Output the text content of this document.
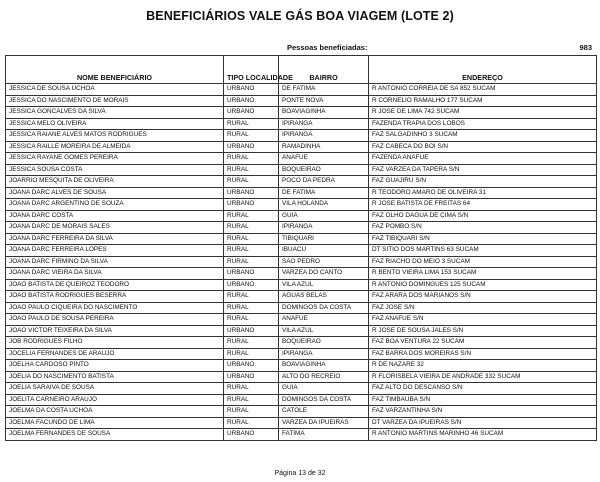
BENEFICIÁRIOS VALE GÁS BOA VIAGEM (LOTE 2)
Pessoas beneficiadas:	983
NOME BENEFICIÁRIO	TIPO LOCALIDADE	BAIRRO	ENDEREÇO
JESSICA DE SOUSA UCHOA	URBANO	DE FATIMA	R ANTONIO CORREIA DE SA 852 SUCAM
JESSICA DO NASCIMENTO DE MORAIS	URBANO	PONTE NOVA	R CORNELIO RAMALHO 177 SUCAM
JESSICA GONCALVES DA SILVA	URBANO	BOAVIAGINHA	R JOSE DE LIMA 742 SUCAM
JESSICA MELO OLIVEIRA	RURAL	IPIRANGA	FAZENDA TRAPIA DOS LOBOS
JESSICA RAIANE ALVES MATOS RODRIGUES	RURAL	IPIRANGA	FAZ SALGADINHO 3 SUCAM
JESSICA RAILLE MOREIRA DE ALMEIDA	URBANO	RAMADINHA	FAZ CABECA DO BOI S/N
JESSICA RAYANE GOMES PEREIRA	RURAL	ANAFUE	FAZENDA ANAFUE
JESSICA SOUSA COSTA	RURAL	BOQUEIRAO	FAZ VARZEA DA TAPERA S/N
JOARRIO MESQUITA DE OLIVEIRA	RURAL	POCO DA PEDRA	FAZ GUAJIRU S/N
JOANA DARC ALVES DE SOUSA	URBANO	DE FATIMA	R TEODORO AMARO DE OLIVEIRA 31
JOANA DARC ARGENTINO DE SOUZA	URBANO	VILA HOLANDA	R JOSE BATISTA DE FREITAS 64
JOANA DARC COSTA	RURAL	GUIA	FAZ OLHO DAGUA DE CIMA S/N
JOANA DARC DE MORAIS SALES	RURAL	IPIRANGA	FAZ POMBO S/N
JOANA DARC FERREIRA DA SILVA	RURAL	TIBIQUARI	FAZ TIBIQUARI S/N
JOANA DARC FERREIRA LOPES	RURAL	IBUACU	DT SITIO DOS MARTINS 63 SUCAM
JOANA DARC FIRMINO DA SILVA	RURAL	SAO PEDRO	FAZ RIACHO DO MEIO 3 SUCAM
JOANA DARC VIEIRA DA SILVA	URBANO	VARZEA DO CANTO	R BENTO VIEIRA LIMA 153 SUCAM
JOAO BATISTA DE QUEIROZ TEODORO	URBANO	VILA AZUL	R ANTONIO DOMINGUES 125 SUCAM
JOAO BATISTA RODRIGUES BESERRA	RURAL	AGUAS BELAS	FAZ ARARA DOS MARIANOS S/N
JOAO PAULO CIQUEIRA DO NASCIMENTO	RURAL	DOMINGOS DA COSTA	FAZ JOSE S/N
JOAO PAULO DE SOUSA PEREIRA	RURAL	ANAFUE	FAZ ANAFUE S/N
JOAO VICTOR TEIXEIRA DA SILVA	URBANO	VILA AZUL	R JOSE DE SOUSA JALES S/N
JOB RODRIGUES FILHO	RURAL	BOQUEIRAO	FAZ BOA VENTURA 22 SUCAM
JOCELIA FERNANDES DE ARAUJO	RURAL	IPIRANGA	FAZ BARRA DOS MOREIRAS S/N
JOELHA CARDOSO PINTO	URBANO	BOAVIAGINHA	R DE NAZARE 32
JOELIA DO NASCIMENTO BATISTA	URBANO	ALTO DO RECREIO	R FLORISBELA VIEIRA DE ANDRADE 332 SUCAM
JOELIA SARAIVA DE SOUSA	RURAL	GUIA	FAZ ALTO DO DESCANSO S/N
JOELITA CARNEIRO ARAUJO	RURAL	DOMINGOS DA COSTA	FAZ TIMBAUBA S/N
JOELMA DA COSTA UCHOA	RURAL	CATOLE	FAZ VARZANTINHA S/N
JOELMA FACUNDO DE LIMA	RURAL	VARZEA DA IPUEIRAS	DT VARZEA DA IPUEIRAS S/N
JOELMA FERNANDES DE SOUSA	URBANO	FATIMA	R ANTONIO MARTINS MARINHO 46 SUCAM
Página 13 de 32
